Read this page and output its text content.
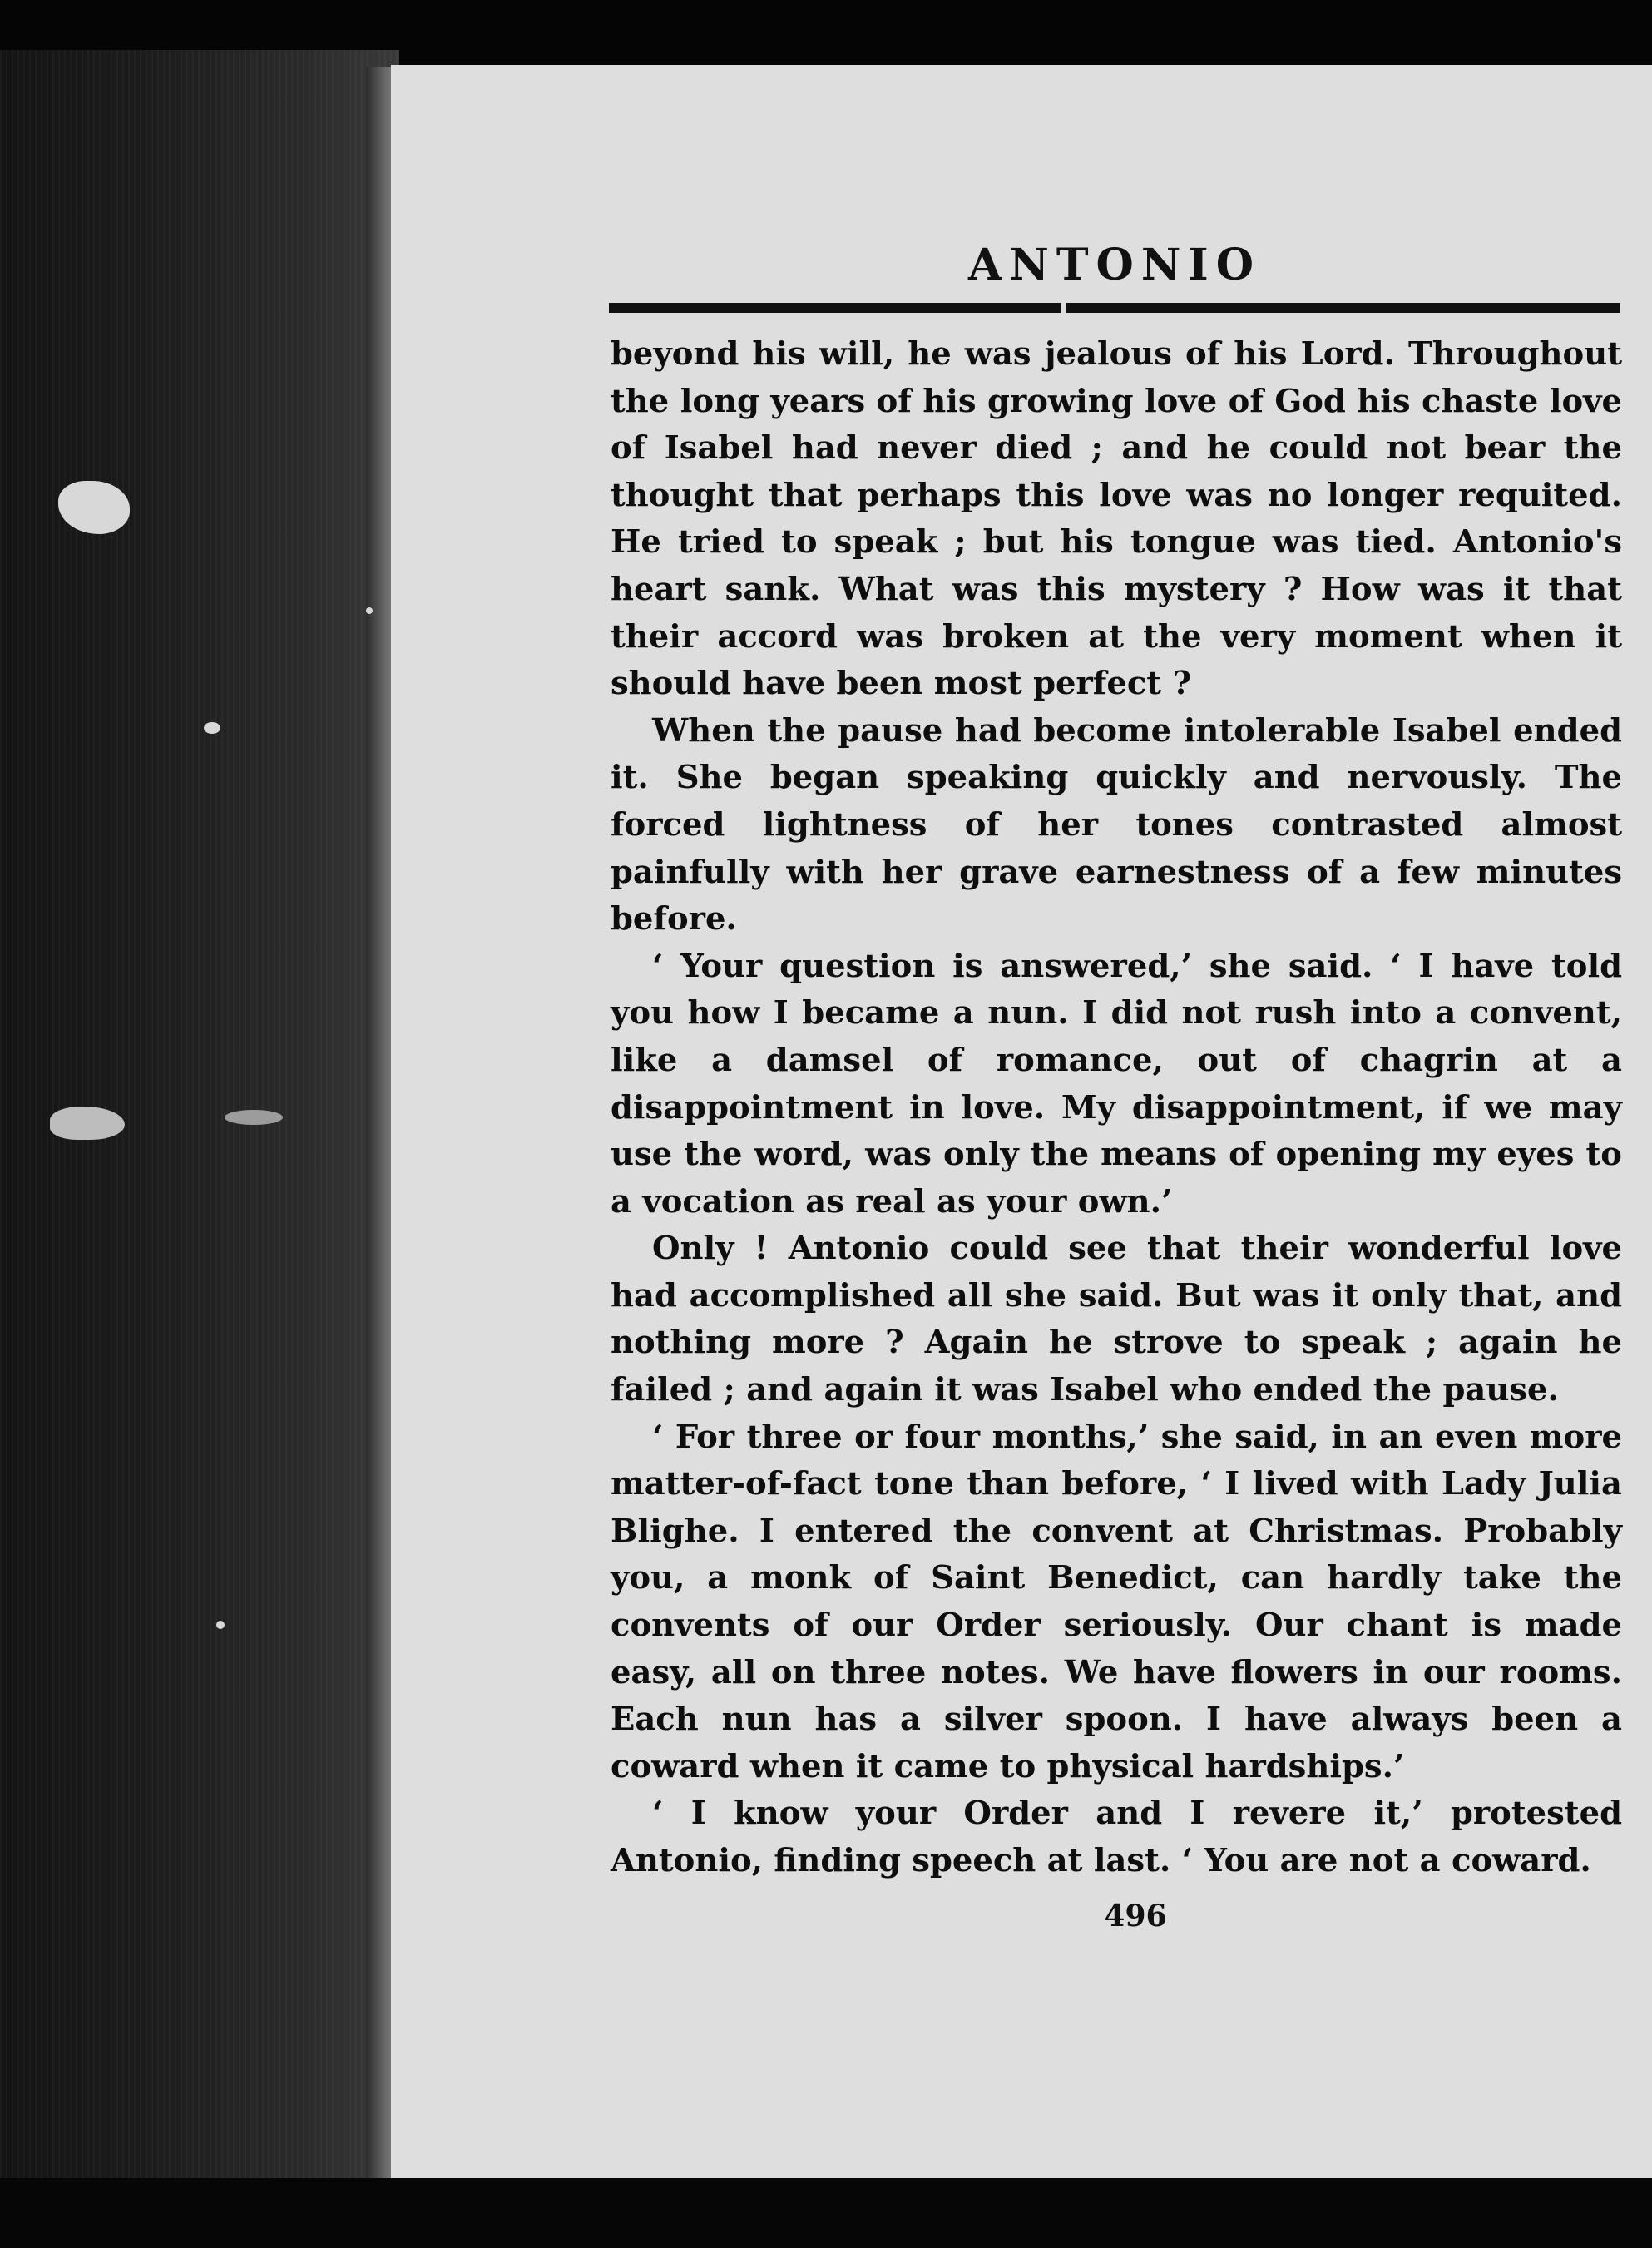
ANTONIO

beyond his will, he was jealous of his Lord. Throughout the long years of his growing love of God his chaste love of Isabel had never died ; and he could not bear the thought that perhaps this love was no longer requited. He tried to speak ; but his tongue was tied. Antonio's heart sank. What was this mystery ? How was it that their accord was broken at the very moment when it should have been most perfect ?

When the pause had become intolerable Isabel ended it. She began speaking quickly and nervously. The forced lightness of her tones contrasted almost painfully with her grave earnestness of a few minutes before.

‘ Your question is answered,’ she said. ‘ I have told you how I became a nun. I did not rush into a convent, like a damsel of romance, out of chagrin at a disappointment in love. My disappointment, if we may use the word, was only the means of opening my eyes to a vocation as real as your own.’

Only ! Antonio could see that their wonderful love had accomplished all she said. But was it only that, and nothing more ? Again he strove to speak ; again he failed ; and again it was Isabel who ended the pause.

‘ For three or four months,’ she said, in an even more matter-of-fact tone than before, ‘ I lived with Lady Julia Blighe. I entered the convent at Christmas. Probably you, a monk of Saint Benedict, can hardly take the convents of our Order seriously. Our chant is made easy, all on three notes. We have flowers in our rooms. Each nun has a silver spoon. I have always been a coward when it came to physical hardships.’

‘ I know your Order and I revere it,’ protested Antonio, finding speech at last. ‘ You are not a coward.

496
